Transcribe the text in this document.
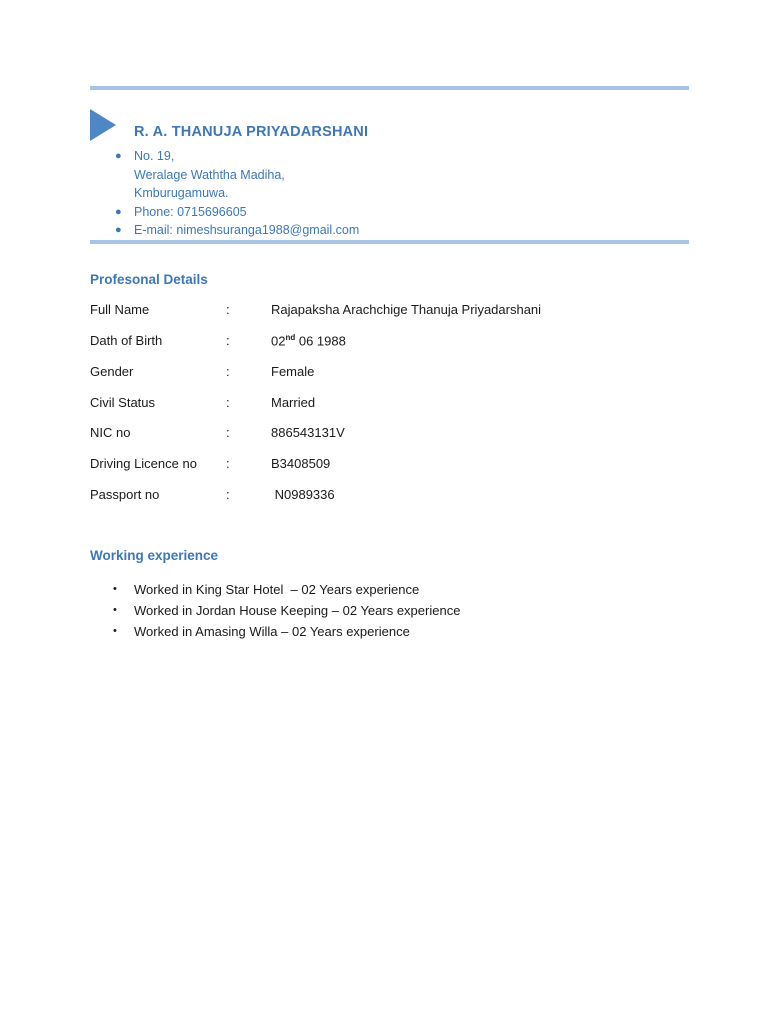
R. A. THANUJA PRIYADARSHANI
● No. 19,
Weralage Waththa Madiha,
Kmburugamuwa.
● Phone: 0715696605
● E-mail: nimeshsuranga1988@gmail.com
Profesonal Details
Full Name	:	Rajapaksha Arachchige Thanuja Priyadarshani
Dath of Birth	:	02nd 06 1988
Gender	:	Female
Civil Status	:	Married
NIC no	:	886543131V
Driving Licence no :	B3408509
Passport no	:	N0989336
Working experience
• Worked in King Star Hotel  – 02 Years experience
• Worked in Jordan House Keeping – 02 Years experience
• Worked in Amasing Willa – 02 Years experience
